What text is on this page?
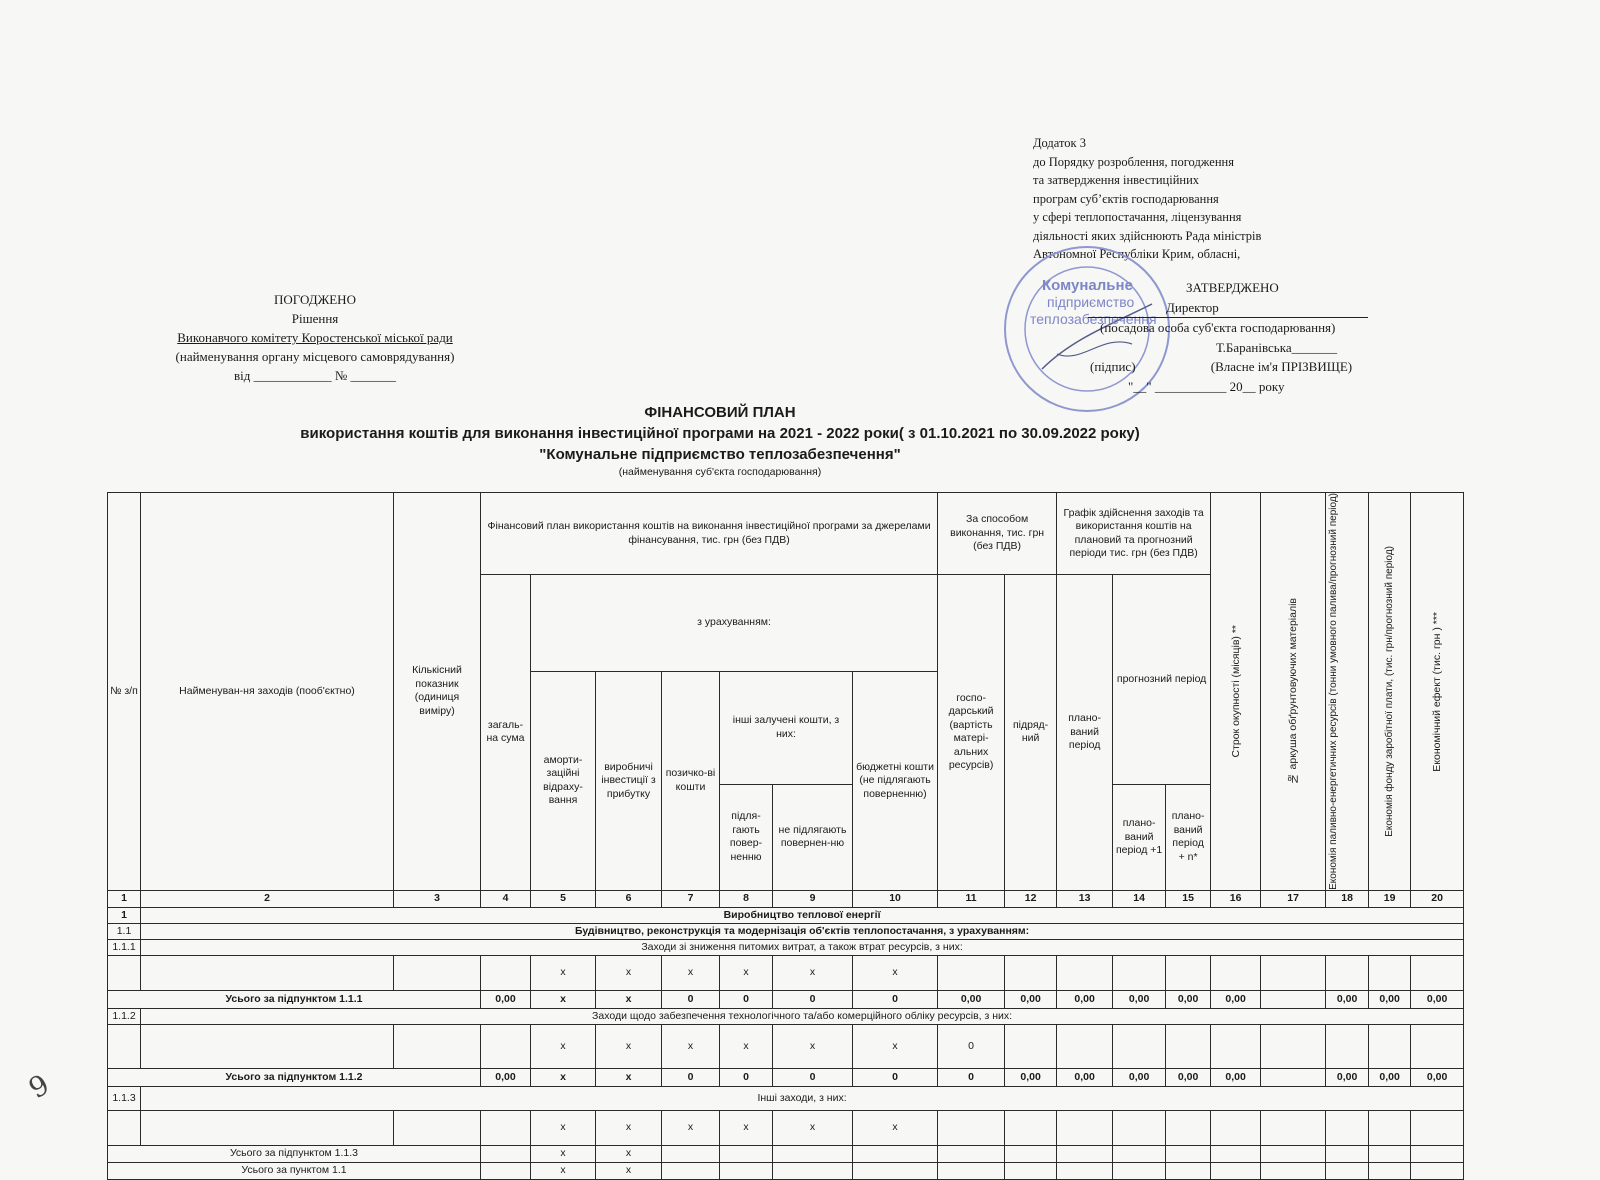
Додаток 3
до Порядку розроблення, погодження
та затвердження інвестиційних
програм суб’єктів господарювання
у сфері теплопостачання, ліцензування
діяльності яких здійснюють Рада міністрів
Автономної Республіки Крим, обласні,
ПОГОДЖЕНО
Рішення
Виконавчого комітету Коростенської міської ради
(найменування органу місцевого самоврядування)
від ____________ № _______
Комунальне
підприємство
теплозабезпечення
ЗАТВЕРДЖЕНО
Директор
(посадова особа суб'єкта господарювання)
Т.Баранівська_______
(підпис)	(Власне ім'я ПРІЗВИЩЕ)
"__" ___________ 20__ року
ФІНАНСОВИЙ ПЛАН
використання коштів для виконання інвестиційної програми на 2021 - 2022 роки( з 01.10.2021 по 30.09.2022 року)
"Комунальне підприємство теплозабезпечення"
(найменування суб'єкта господарювання)
№ з/п	Найменуван-ня заходів (пооб'єктно)	Кількісний показник (одиниця виміру)	Фінансовий план використання коштів на виконання інвестиційної програми за джерелами фінансування, тис. грн (без ПДВ)							За способом виконання, тис. грн (без ПДВ)		Графік здійснення заходів та використання коштів на плановий та прогнозний періоди тис. грн (без ПДВ)			Строк окупності (місяців) **	№ аркуша обґрунтовуючих матеріалів	Економія паливно-енергетичних ресурсів (тонни умовного палива/прогнозний період)	Економія фонду заробітної плати, (тис. грн/прогнозний період)	Економічний ефект (тис. грн ) ***

			загаль-на сума	з урахуванням:						госпо-дарський (вартість матері-альних ресурсів)	підряд-ний	плано-ваний період	прогнозний період						
				аморти-заційні відраху-вання	виробничі інвестиції з прибутку	позичко-ві кошти	інші залучені кошти, з них:		бюджетні кошти (не підлягають поверненню)										
							підля-гають повер-ненню	не підлягають повернен-ню					плано-ваний період +1	плано-ваний період + n*					
1	2	3	4	5	6	7	8	9	10	11	12	13	14	15	16	17	18	19	20
1	Виробництво теплової енергії																		
1.1	Будівництво, реконструкція та модернізація об'єктів теплопостачання, з урахуванням:																		
1.1.1	Заходи зі зниження питомих витрат, а також втрат ресурсів, з них:																		
				х	х	х	х	х	х										
Усього за підпунктом 1.1.1			0,00	х	х	0	0	0	0	0,00	0,00	0,00	0,00	0,00	0,00		0,00	0,00	0,00
1.1.2	Заходи щодо забезпечення технологічного та/або комерційного обліку ресурсів, з них:																		
				х	х	х	х	х	х	0									
Усього за підпунктом 1.1.2			0,00	х	х	0	0	0	0	0	0,00	0,00	0,00	0,00	0,00		0,00	0,00	0,00
1.1.3	Інші заходи, з них:																		
				х	х	х	х	х	х										
Усього за підпунктом 1.1.3				х	х														
Усього за пунктом 1.1				х	х														
9
